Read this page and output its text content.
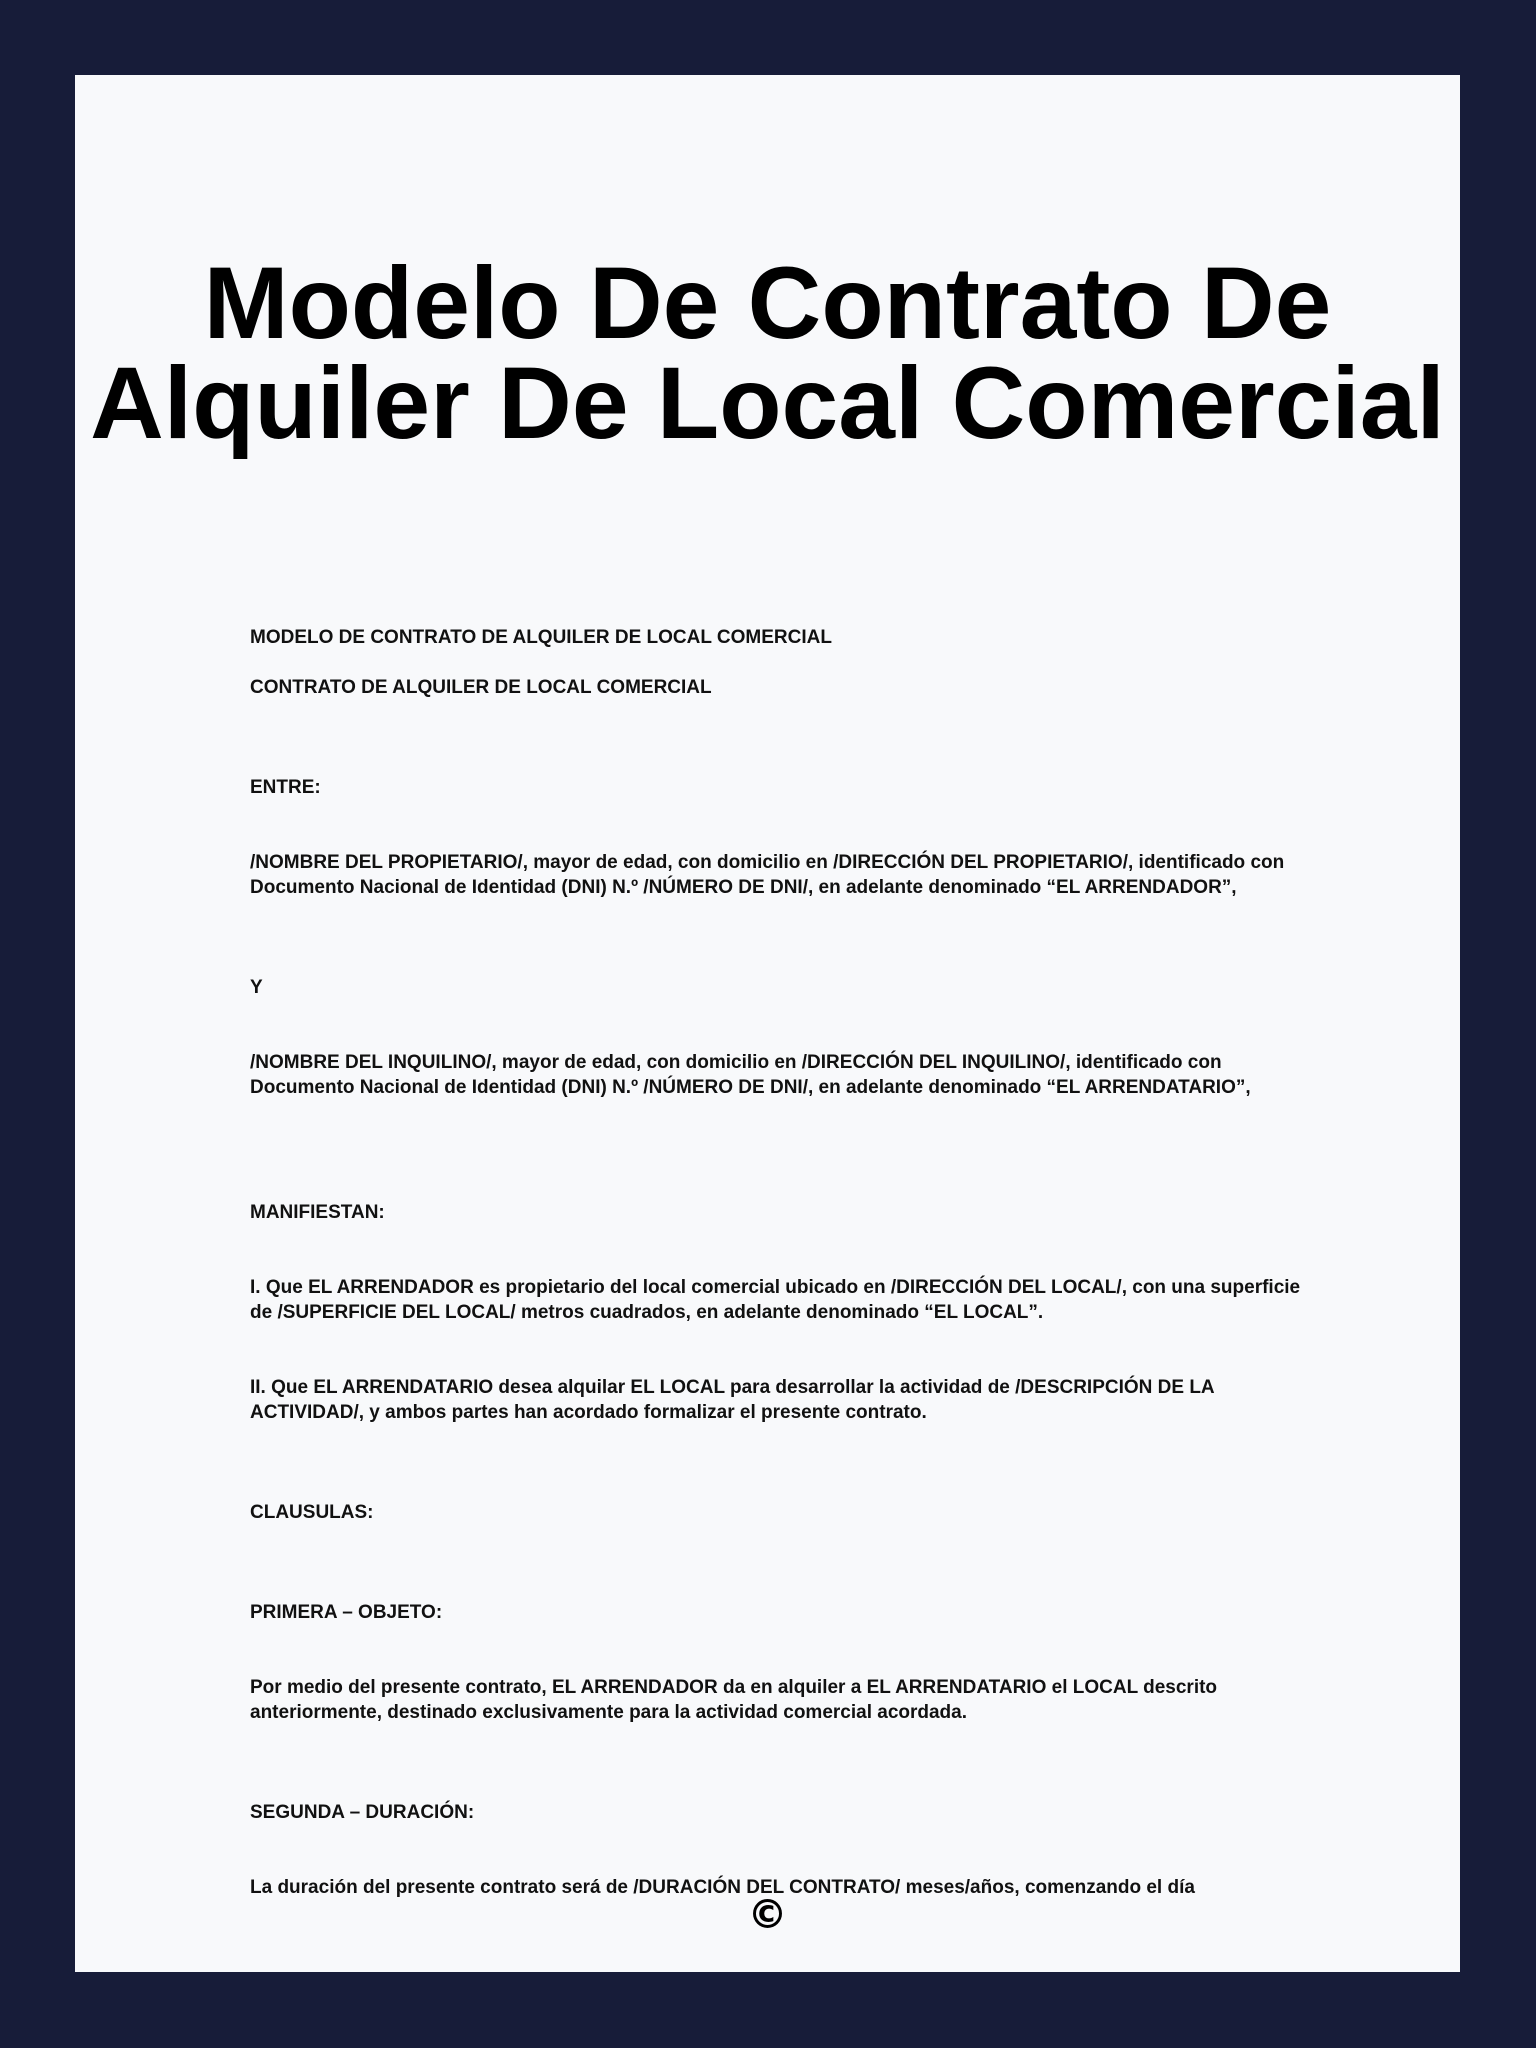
Modelo De Contrato De
Alquiler De Local Comercial

MODELO DE CONTRATO DE ALQUILER DE LOCAL COMERCIAL

CONTRATO DE ALQUILER DE LOCAL COMERCIAL

ENTRE:

/NOMBRE DEL PROPIETARIO/, mayor de edad, con domicilio en /DIRECCIÓN DEL PROPIETARIO/, identificado con Documento Nacional de Identidad (DNI) N.º /NÚMERO DE DNI/, en adelante denominado “EL ARRENDADOR”,

Y

/NOMBRE DEL INQUILINO/, mayor de edad, con domicilio en /DIRECCIÓN DEL INQUILINO/, identificado con Documento Nacional de Identidad (DNI) N.º /NÚMERO DE DNI/, en adelante denominado “EL ARRENDATARIO”,

MANIFIESTAN:

I. Que EL ARRENDADOR es propietario del local comercial ubicado en /DIRECCIÓN DEL LOCAL/, con una superficie de /SUPERFICIE DEL LOCAL/ metros cuadrados, en adelante denominado “EL LOCAL”.

II. Que EL ARRENDATARIO desea alquilar EL LOCAL para desarrollar la actividad de /DESCRIPCIÓN DE LA ACTIVIDAD/, y ambos partes han acordado formalizar el presente contrato.

CLAUSULAS:

PRIMERA – OBJETO:

Por medio del presente contrato, EL ARRENDADOR da en alquiler a EL ARRENDATARIO el LOCAL descrito anteriormente, destinado exclusivamente para la actividad comercial acordada.

SEGUNDA – DURACIÓN:

La duración del presente contrato será de /DURACIÓN DEL CONTRATO/ meses/años, comenzando el día

©
